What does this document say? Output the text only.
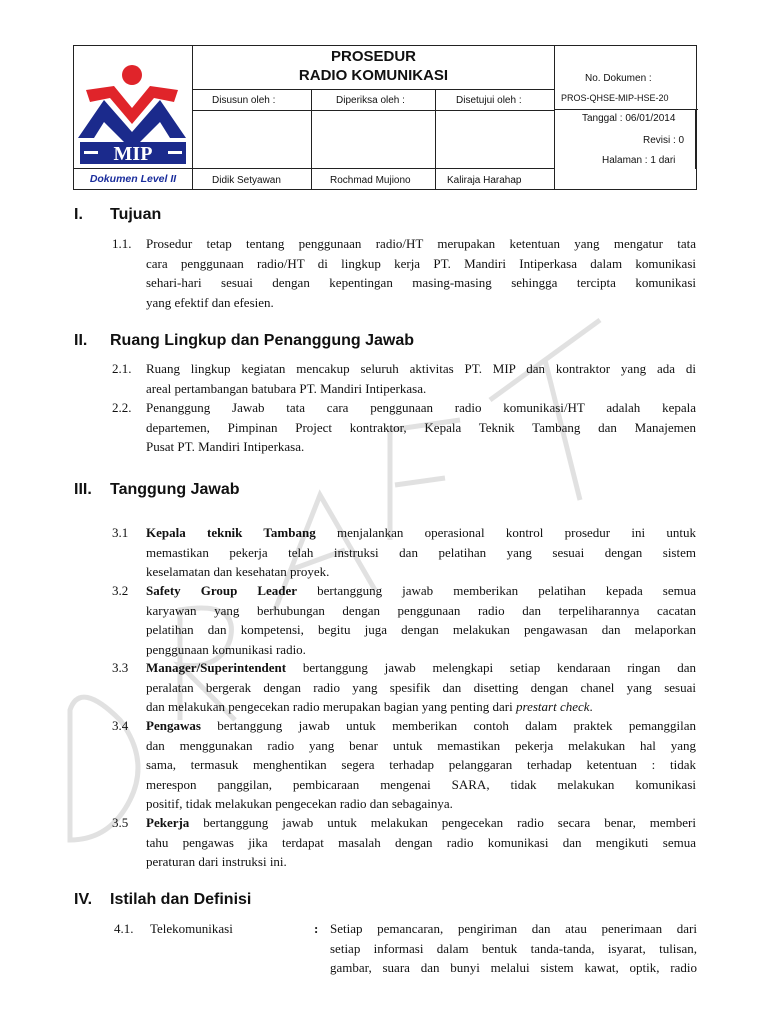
MIP
PROSEDUR
RADIO KOMUNIKASI
Disusun oleh :	Diperiksa oleh :	Disetujui oleh :
Didik Setyawan	Rochmad Mujiono	Kaliraja Harahap
Dokumen Level II
No. Dokumen :
PROS-QHSE-MIP-HSE-20
Tanggal : 06/01/2014
Revisi : 0
Halaman : 1 dari
I. Tujuan
1.1. Prosedur tetap tentang penggunaan radio/HT merupakan ketentuan yang mengatur tata
cara penggunaan radio/HT di lingkup kerja PT. Mandiri Intiperkasa dalam komunikasi
sehari-hari sesuai dengan kepentingan masing-masing sehingga tercipta komunikasi
yang efektif dan efesien.
II. Ruang Lingkup dan Penanggung Jawab
2.1. Ruang lingkup kegiatan mencakup seluruh aktivitas PT. MIP dan kontraktor yang ada di
areal pertambangan batubara PT. Mandiri Intiperkasa.
2.2. Penanggung Jawab tata cara penggunaan radio komunikasi/HT adalah kepala
departemen, Pimpinan Project kontraktor, Kepala Teknik Tambang dan Manajemen
Pusat PT. Mandiri Intiperkasa.
III. Tanggung Jawab
3.1 Kepala teknik Tambang menjalankan operasional kontrol prosedur ini untuk
memastikan pekerja telah instruksi dan pelatihan yang sesuai dengan sistem
keselamatan dan kesehatan proyek.
3.2 Safety Group Leader bertanggung jawab memberikan pelatihan kepada semua
karyawan yang berhubungan dengan penggunaan radio dan terpeliharannya cacatan
pelatihan dan kompetensi, begitu juga dengan melakukan pengawasan dan melaporkan
penggunaan komunikasi radio.
3.3 Manager/Superintendent bertanggung jawab melengkapi setiap kendaraan ringan dan
peralatan bergerak dengan radio yang spesifik dan disetting dengan chanel yang sesuai
dan melakukan pengecekan radio merupakan bagian yang penting dari prestart check.
3.4 Pengawas bertanggung jawab untuk memberikan contoh dalam praktek pemanggilan
dan menggunakan radio yang benar untuk memastikan pekerja melakukan hal yang
sama, termasuk menghentikan segera terhadap pelanggaran terhadap ketentuan : tidak
merespon panggilan, pembicaraan mengenai SARA, tidak melakukan komunikasi
positif, tidak melakukan pengecekan radio dan sebagainya.
3.5 Pekerja bertanggung jawab untuk melakukan pengecekan radio secara benar, memberi
tahu pengawas jika terdapat masalah dengan radio komunikasi dan mengikuti semua
peraturan dari instruksi ini.
IV. Istilah dan Definisi
4.1. Telekomunikasi	: Setiap pemancaran, pengiriman dan atau penerimaan dari
setiap informasi dalam bentuk tanda-tanda, isyarat, tulisan,
gambar, suara dan bunyi melalui sistem kawat, optik, radio
